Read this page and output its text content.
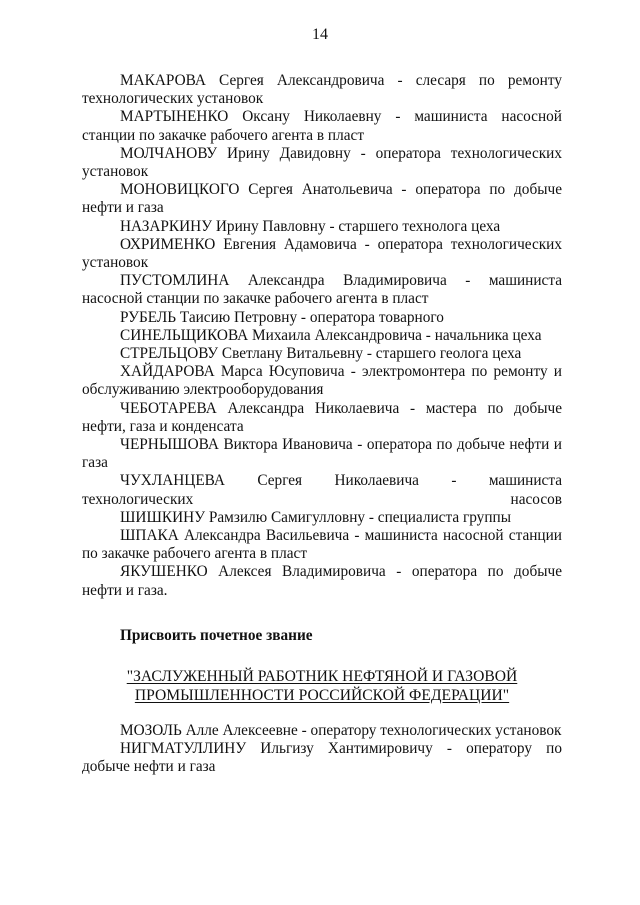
14

МАКАРОВА Сергея Александровича - слесаря по ремонту технологических установок

МАРТЫНЕНКО Оксану Николаевну - машиниста насосной станции по закачке рабочего агента в пласт

МОЛЧАНОВУ Ирину Давидовну - оператора технологических установок

МОНОВИЦКОГО Сергея Анатольевича - оператора по добыче нефти и газа

НАЗАРКИНУ Ирину Павловну - старшего технолога цеха

ОХРИМЕНКО Евгения Адамовича - оператора технологических установок

ПУСТОМЛИНА Александра Владимировича - машиниста насосной станции по закачке рабочего агента в пласт

РУБЕЛЬ Таисию Петровну - оператора товарного

СИНЕЛЬЩИКОВА Михаила Александровича - начальника цеха

СТРЕЛЬЦОВУ Светлану Витальевну - старшего геолога цеха

ХАЙДАРОВА Марса Юсуповича - электромонтера по ремонту и обслуживанию электрооборудования

ЧЕБОТАРЕВА Александра Николаевича - мастера по добыче нефти, газа и конденсата

ЧЕРНЫШОВА Виктора Ивановича - оператора по добыче нефти и газа

ЧУХЛАНЦЕВА Сергея Николаевича - машиниста технологических насосов

ШИШКИНУ Рамзилю Самигулловну - специалиста группы

ШПАКА Александра Васильевича - машиниста насосной станции по закачке рабочего агента в пласт

ЯКУШЕНКО Алексея Владимировича - оператора по добыче нефти и газа.

Присвоить почетное звание
"ЗАСЛУЖЕННЫЙ РАБОТНИК НЕФТЯНОЙ И ГАЗОВОЙ
ПРОМЫШЛЕННОСТИ РОССИЙСКОЙ ФЕДЕРАЦИИ"

МОЗОЛЬ Алле Алексеевне - оператору технологических установок

НИГМАТУЛЛИНУ Ильгизу Хантимировичу - оператору по добыче нефти и газа
